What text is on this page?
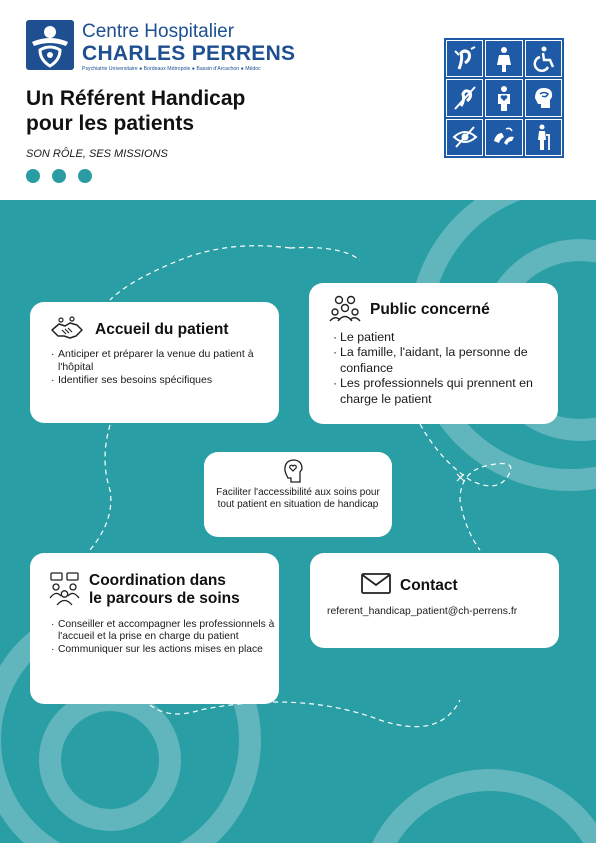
Centre Hospitalier
CHARLES PERRENS
Psychiatrie Universitaire ● Bordeaux Métropole ● Bassin d'Arcachon ● Médoc
Un Référent Handicap
pour les patients
SON RÔLE, SES MISSIONS
Accueil du patient
· Anticiper et préparer la venue du patient à l'hôpital
· Identifier ses besoins spécifiques
Public concerné
· Le patient
· La famille, l'aidant, la personne de confiance
· Les professionnels qui prennent en charge le patient
Faciliter l'accessibilité aux soins pour tout patient en situation de handicap
Coordination dans
le parcours de soins
· Conseiller et accompagner les professionnels à l'accueil et la prise en charge du patient
· Communiquer sur les actions mises en place
Contact
referent_handicap_patient@ch-perrens.fr
